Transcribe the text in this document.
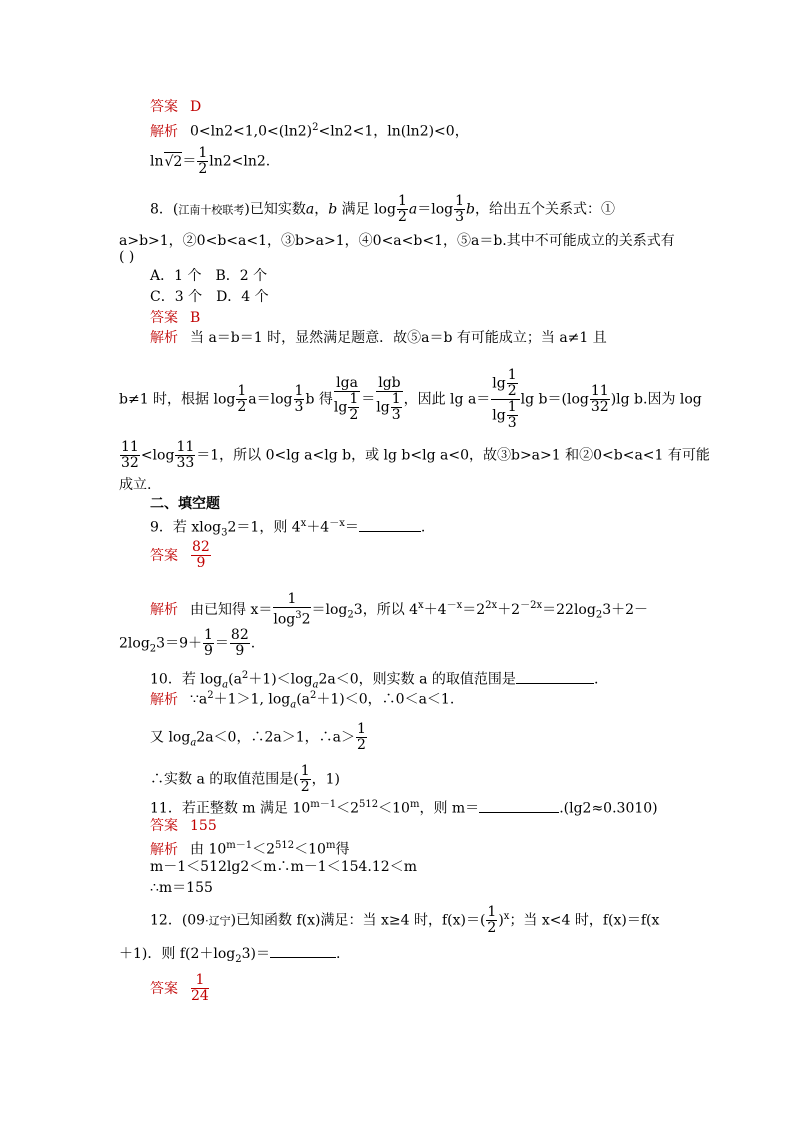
答案 D
解析 $0<\ln 2<1,0<(\ln 2)^2<\ln 2<1$，ln(ln2)<0，
$\ln√2= \frac{1}{2} \ln 2<\ln 2$.
8．(江南十校联考)已知实数a，b 满足 $\log \frac{1}{2} a=\log \frac{1}{3}$ b，给出五个关系式：①
a>b>1，②0<b<a<1，③b>a>1，④0<a<b<1，⑤a＝b.其中不可能成立的关系式有
( )
A．1 个　B．2 个
C．3 个　D．4 个
答案 B
解析 当 a＝b＝1 时，显然满足题意．故⑤a＝b 有可能成立；当 a≠1 且
b≠1 时，根据 $\log \frac{1}{2} a=\log \frac{1}{3}$ b 得 $\frac{\lg a}{\lg \frac{1}{2}} = \frac{\lg b}{\lg \frac{1}{3}}$ ，因此 $\lg a= \frac{\lg \frac{1}{2}}{\lg \frac{1}{3}}$ $\lg b=(\log \frac{11}{32} )\lg$ b.因为 log
$\frac{11}{32} <\log \frac{11}{33} =1$，所以 0<lg a<lg b，或 lg b<lg a<0，故③b>a>1 和②0<b<a<1 有可能
成立.
二、填空题
9．若 xlog$_3$2＝1，则 $4^x+4^{-x}=$	.
答案 $\frac{82}{9}$
解析 由已知得 $x= \frac{1}{\log^32} =\log_23$，所以 $4^x+4^{-x}=2^{2x}+2^{-2x}=22\log_23+2-$
$2\log_23=9+ \frac{1}{9} = \frac{82}{9}$ .
10．若 $\log_a(a^2+1)<\log_a2a<0$，则实数 a 的取值范围是	.
解析 $\because a^2+1>1$, $\log_a(a^2+1)<0$，∴0＜a＜1.
又 $\log_a2a<0$，∴2a＞1，∴a＞ $\frac{1}{2}$
∴实数 a 的取值范围是( $\frac{1}{2}$ ，1)
11．若正整数 m 满足 $10^{m-1}<2^{512}<10^m$，则 m＝	.(lg2≈0.3010)
答案 155
解析 由 $10^{m-1}<2^{512}<10^m$得
m－1＜512lg2＜m∴m－1＜154.12＜m
∴m＝155
12．(09·辽宁)已知函数 f(x)满足：当 x≥4 时，$f(x)=( \frac{1}{2} )^x$；当 x<4 时，f(x)＝f(x
＋1)．则 $f(2+\log_23)=$	.
答案 $\frac{1}{24}$
